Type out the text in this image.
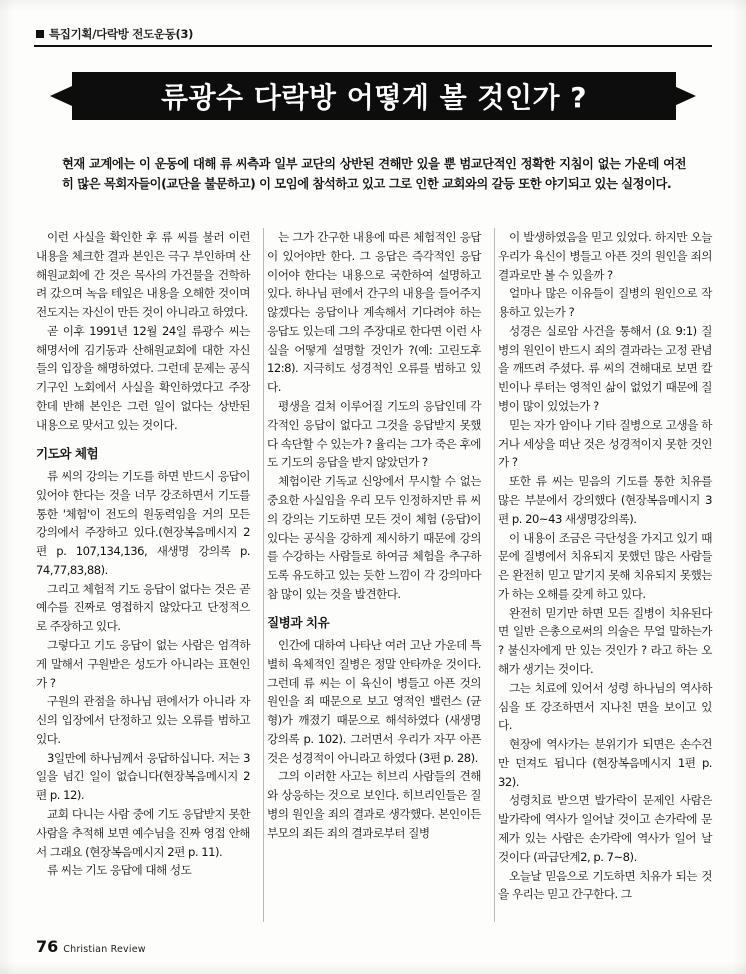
특집기획/다락방 전도운동(3)
류광수 다락방 어떻게 볼 것인가 ?
현재 교계에는 이 운동에 대해 류 씨측과 일부 교단의 상반된 견해만 있을 뿐 범교단적인 정확한 지침이 없는 가운데 여전히 많은 목회자들이(교단을 불문하고) 이 모임에 참석하고 있고 그로 인한 교회와의 갈등 또한 야기되고 있는 실정이다.

이런 사실을 확인한 후 류 씨를 불러 이런 내용을 체크한 결과 본인은 극구 부인하며 산해원교회에 간 것은 목사의 가건물을 건학하려 갔으며 녹음 테잎은 내용을 오해한 것이며 전도지는 자신이 만든 것이 아니라고 하였다.

곧 이후 1991년 12월 24일 류광수 씨는 해명서에 김기동과 산해원교회에 대한 자신들의 입장을 해명하였다. 그런데 문제는 공식기구인 노회에서 사실을 확인하였다고 주장한데 반해 본인은 그런 일이 없다는 상반된 내용으로 맞서고 있는 것이다.

기도와 체험

류 씨의 강의는 기도를 하면 반드시 응답이 있어야 한다는 것을 너무 강조하면서 기도를 통한 '체험'이 전도의 원동력임을 거의 모든 강의에서 주장하고 있다.(현장복음메시지 2편 p. 107,134,136, 새생명 강의록 p. 74,77,83,88).

그리고 체험적 기도 응답이 없다는 것은 곧 예수를 진짜로 영접하지 않았다고 단정적으로 주장하고 있다.

그렇다고 기도 응답이 없는 사람은 엄격하게 말해서 구원받은 성도가 아니라는 표현인가 ?

구원의 관점을 하나님 편에서가 아니라 자신의 입장에서 단정하고 있는 오류를 범하고 있다.

3일만에 하나님께서 응답하십니다. 저는 3일을 넘긴 일이 없습니다(현장복음메시지 2편 p. 12).

교회 다니는 사람 중에 기도 응답받지 못한 사람을 추적해 보면 예수님을 진짜 영접 안해서 그래요 (현장복음메시지 2편 p. 11).

류 씨는 기도 응답에 대해 성도

는 그가 간구한 내용에 따른 체험적인 응답이 있어야만 한다. 그 응답은 즉각적인 응답이어야 한다는 내용으로 국한하여 설명하고 있다. 하나님 편에서 간구의 내용을 들어주지 않겠다는 응답이나 계속해서 기다려야 하는 응답도 있는데 그의 주장대로 한다면 이런 사실을 어떻게 설명할 것인가 ?(예: 고린도후 12:8). 지극히도 성경적인 오류를 범하고 있다.

평생을 걸쳐 이루어질 기도의 응답인데 각각적인 응답이 없다고 그것을 응답받지 못했다 속단할 수 있는가 ? 율리는 그가 죽은 후에도 기도의 응답을 받지 않았던가 ?

체험이란 기독교 신앙에서 무시할 수 없는 중요한 사실임을 우리 모두 인정하지만 류 씨의 강의는 기도하면 모든 것이 체험 (응답)이 있다는 공식을 강하게 제시하기 때문에 강의를 수강하는 사람들로 하여금 체험을 추구하도록 유도하고 있는 듯한 느낌이 각 강의마다 참 많이 있는 것을 발견한다.

질병과 치유

인간에 대하여 나타난 여러 고난 가운데 특별히 육체적인 질병은 정말 안타까운 것이다. 그런데 류 씨는 이 육신이 병들고 아픈 것의 원인을 죄 때문으로 보고 영적인 밸런스 (균형)가 깨졌기 때문으로 해석하였다 (새생명 강의록 p. 102). 그러면서 우리가 자꾸 아픈 것은 성경적이 아니라고 하였다 (3편 p. 28).

그의 이러한 사고는 히브리 사람들의 견해와 상응하는 것으로 보인다. 히브리인들은 질병의 원인을 죄의 결과로 생각했다. 본인이든 부모의 죄든 죄의 결과로부터 질병

이 발생하였음을 믿고 있었다. 하지만 오늘 우리가 육신이 병들고 아픈 것의 원인을 죄의 결과로만 볼 수 있을까 ?

얼마나 많은 이유들이 질병의 원인으로 작용하고 있는가 ?

성경은 실로암 사건을 통해서 (요 9:1) 질병의 원인이 반드시 죄의 결과라는 고정 관념을 깨뜨려 주셨다. 류 씨의 견해대로 보면 칼빈이나 루터는 영적인 삶이 없었기 때문에 질병이 많이 있었는가 ?

믿는 자가 암이나 기타 질병으로 고생을 하거나 세상을 떠난 것은 성경적이지 못한 것인가 ?

또한 류 씨는 믿음의 기도를 통한 치유를 많은 부분에서 강의했다 (현장복음메시지 3편 p. 20~43 새생명강의록).

이 내용이 조금은 극단성을 가지고 있기 때문에 질병에서 치유되지 못했던 많은 사람들은 완전히 믿고 맡기지 못해 치유되지 못했는가 하는 오해를 갖게 하고 있다.

완전히 믿기만 하면 모든 질병이 치유된다면 일반 은총으로써의 의술은 무얼 말하는가 ? 불신자에게 만 있는 것인가 ? 라고 하는 오해가 생기는 것이다.

그는 치료에 있어서 성령 하나님의 역사하심을 또 강조하면서 지나친 면을 보이고 있다.

현장에 역사가는 분위기가 되면은 손수건만 던져도 됩니다 (현장복음메시지 1편 p. 32).

성령치료 받으면 발가락이 문제인 사람은 발가락에 역사가 일어날 것이고 손가락에 문제가 있는 사람은 손가락에 역사가 일어 날 것이다 (파급단계2, p. 7~8).

오늘날 믿음으로 기도하면 치유가 되는 것을 우리는 믿고 간구한다. 그

76 Christian Review
